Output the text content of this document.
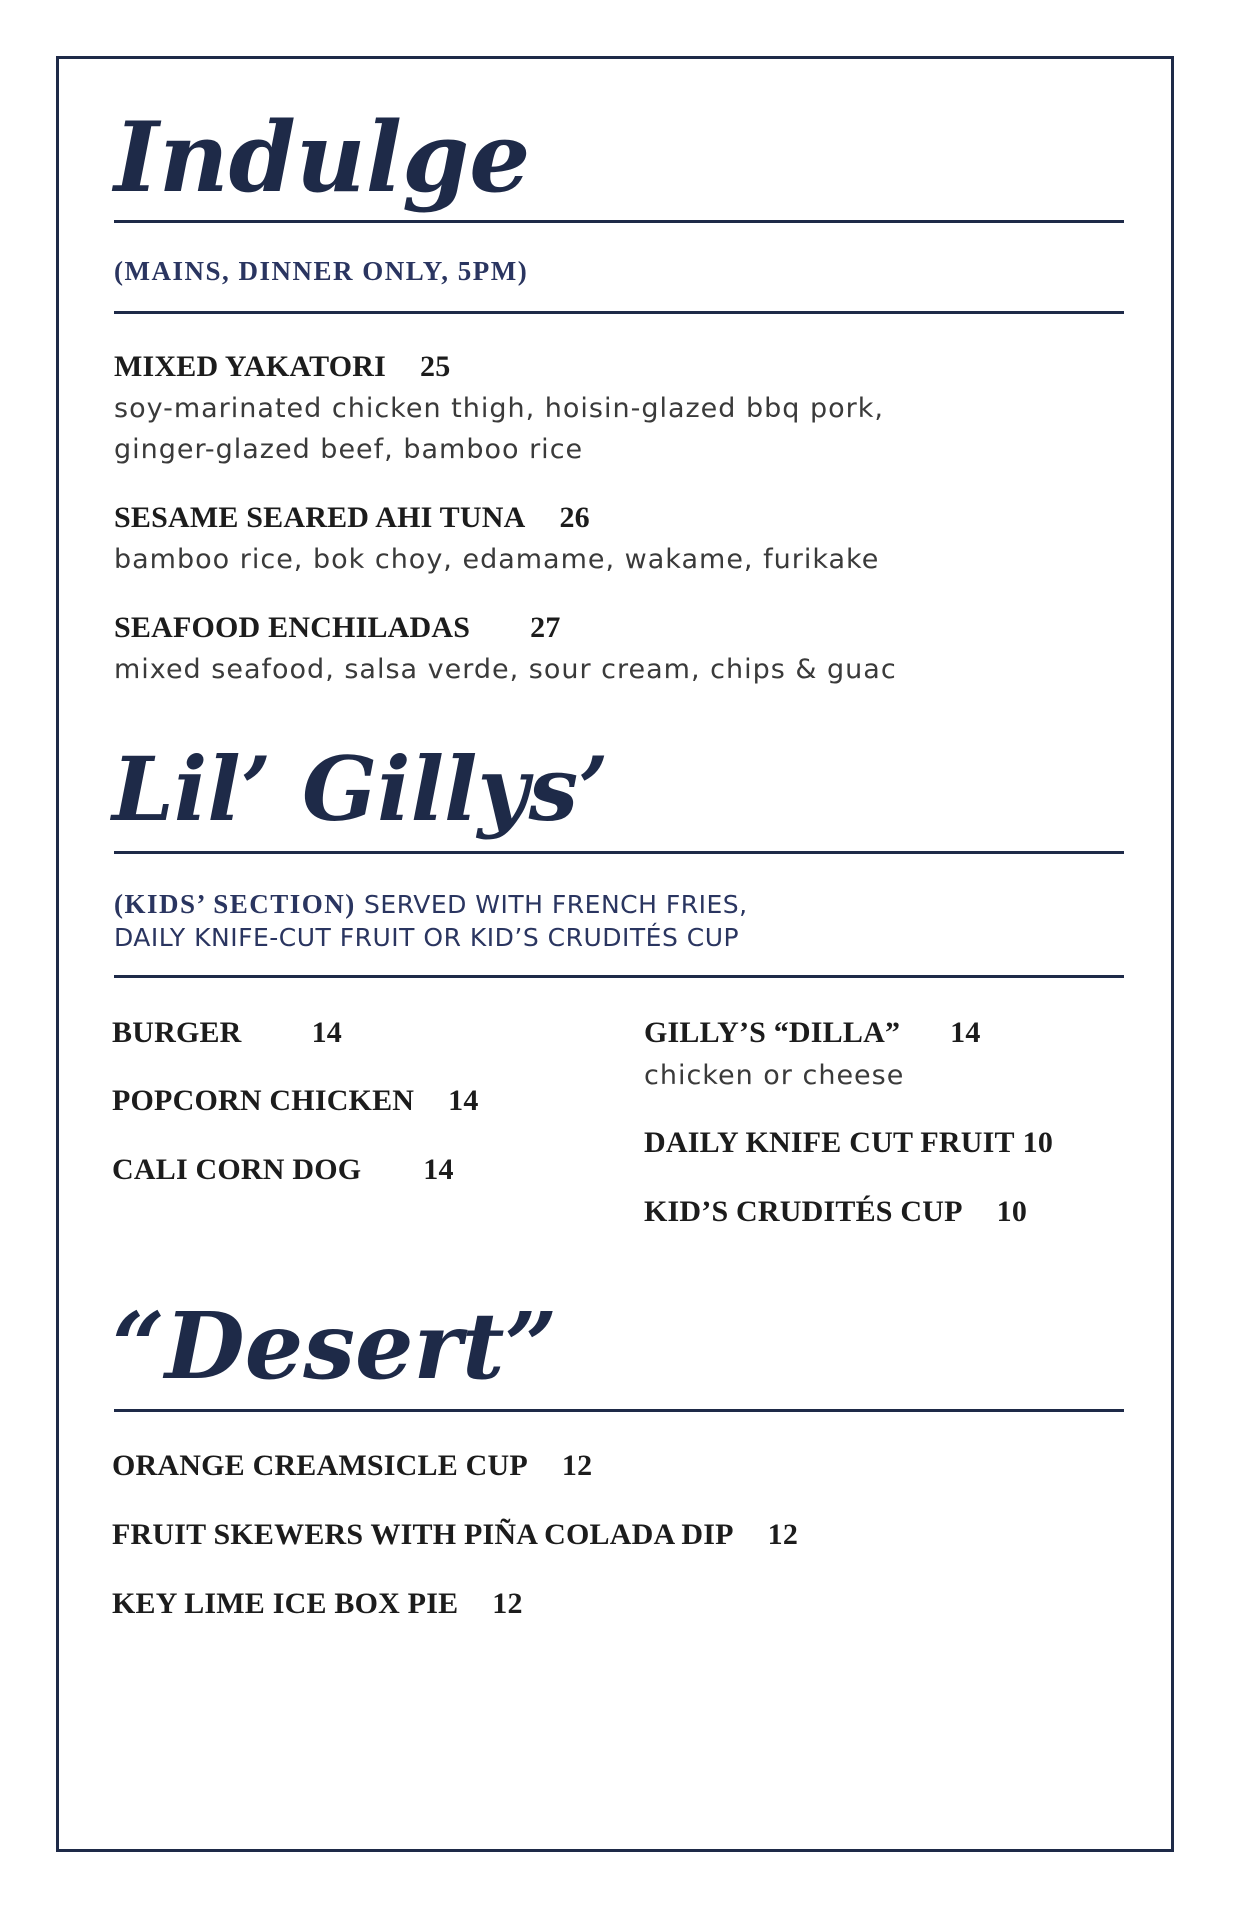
Indulge
(MAINS, DINNER ONLY, 5PM)
MIXED YAKATORI 25
soy-marinated chicken thigh, hoisin-glazed bbq pork,
ginger-glazed beef, bamboo rice
SESAME SEARED AHI TUNA 26
bamboo rice, bok choy, edamame, wakame, furikake
SEAFOOD ENCHILADAS 27
mixed seafood, salsa verde, sour cream, chips & guac
Lil’ Gillys’
(KIDS’ SECTION) SERVED WITH FRENCH FRIES,
DAILY KNIFE-CUT FRUIT OR KID’S CRUDITÉS CUP
BURGER 14
POPCORN CHICKEN 14
CALI CORN DOG 14
GILLY’S “DILLA” 14
chicken or cheese
DAILY KNIFE CUT FRUIT 10
KID’S CRUDITÉS CUP 10
“Desert”
ORANGE CREAMSICLE CUP 12
FRUIT SKEWERS WITH PIÑA COLADA DIP 12
KEY LIME ICE BOX PIE 12
